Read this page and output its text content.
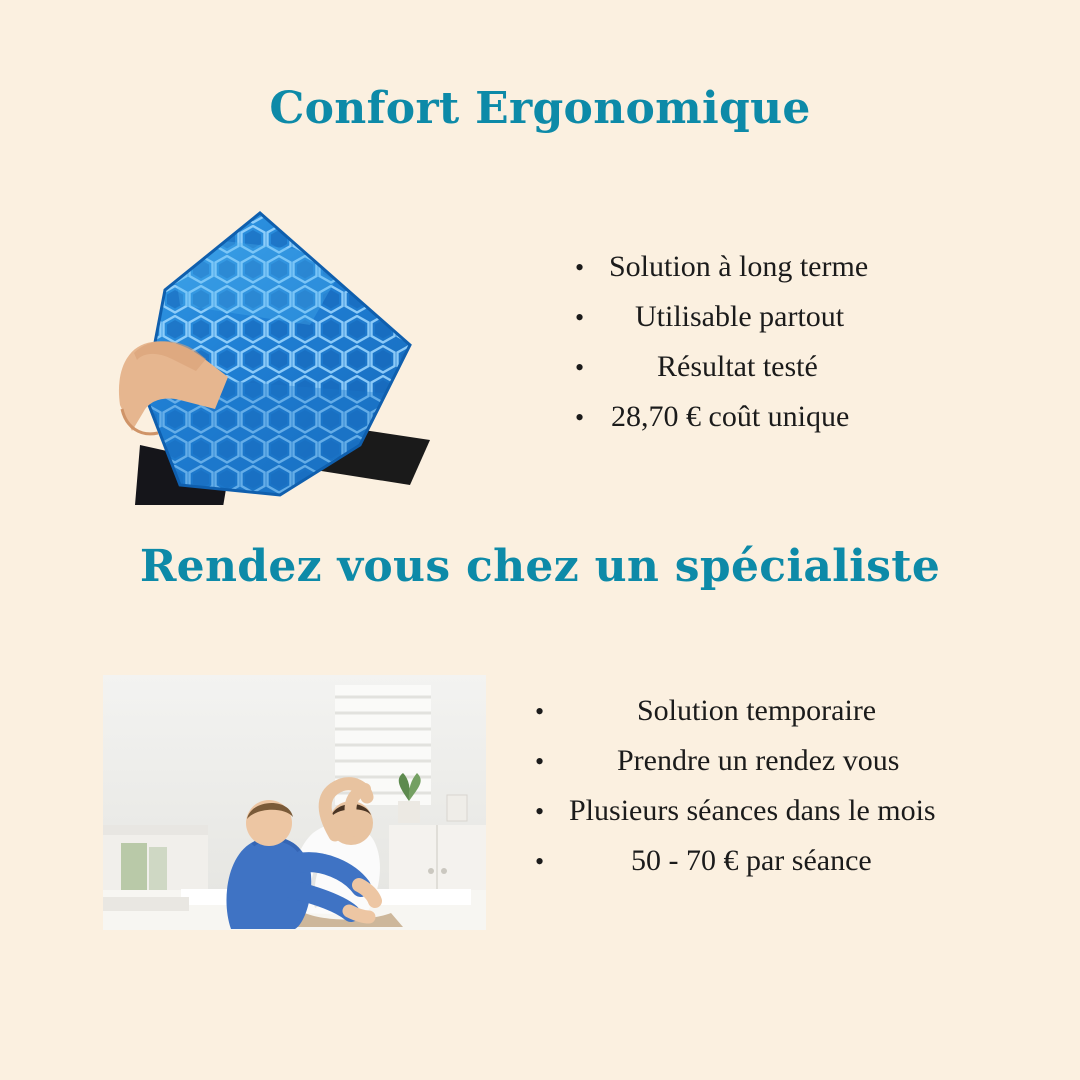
Confort Ergonomique
• Solution à long terme
•	Utilisable partout
•	Résultat testé
• 28,70 € coût unique
Rendez vous chez un spécialiste
•	Solution temporaire
•	Prendre un rendez vous
• Plusieurs séances dans le mois
•	50 - 70 € par séance
